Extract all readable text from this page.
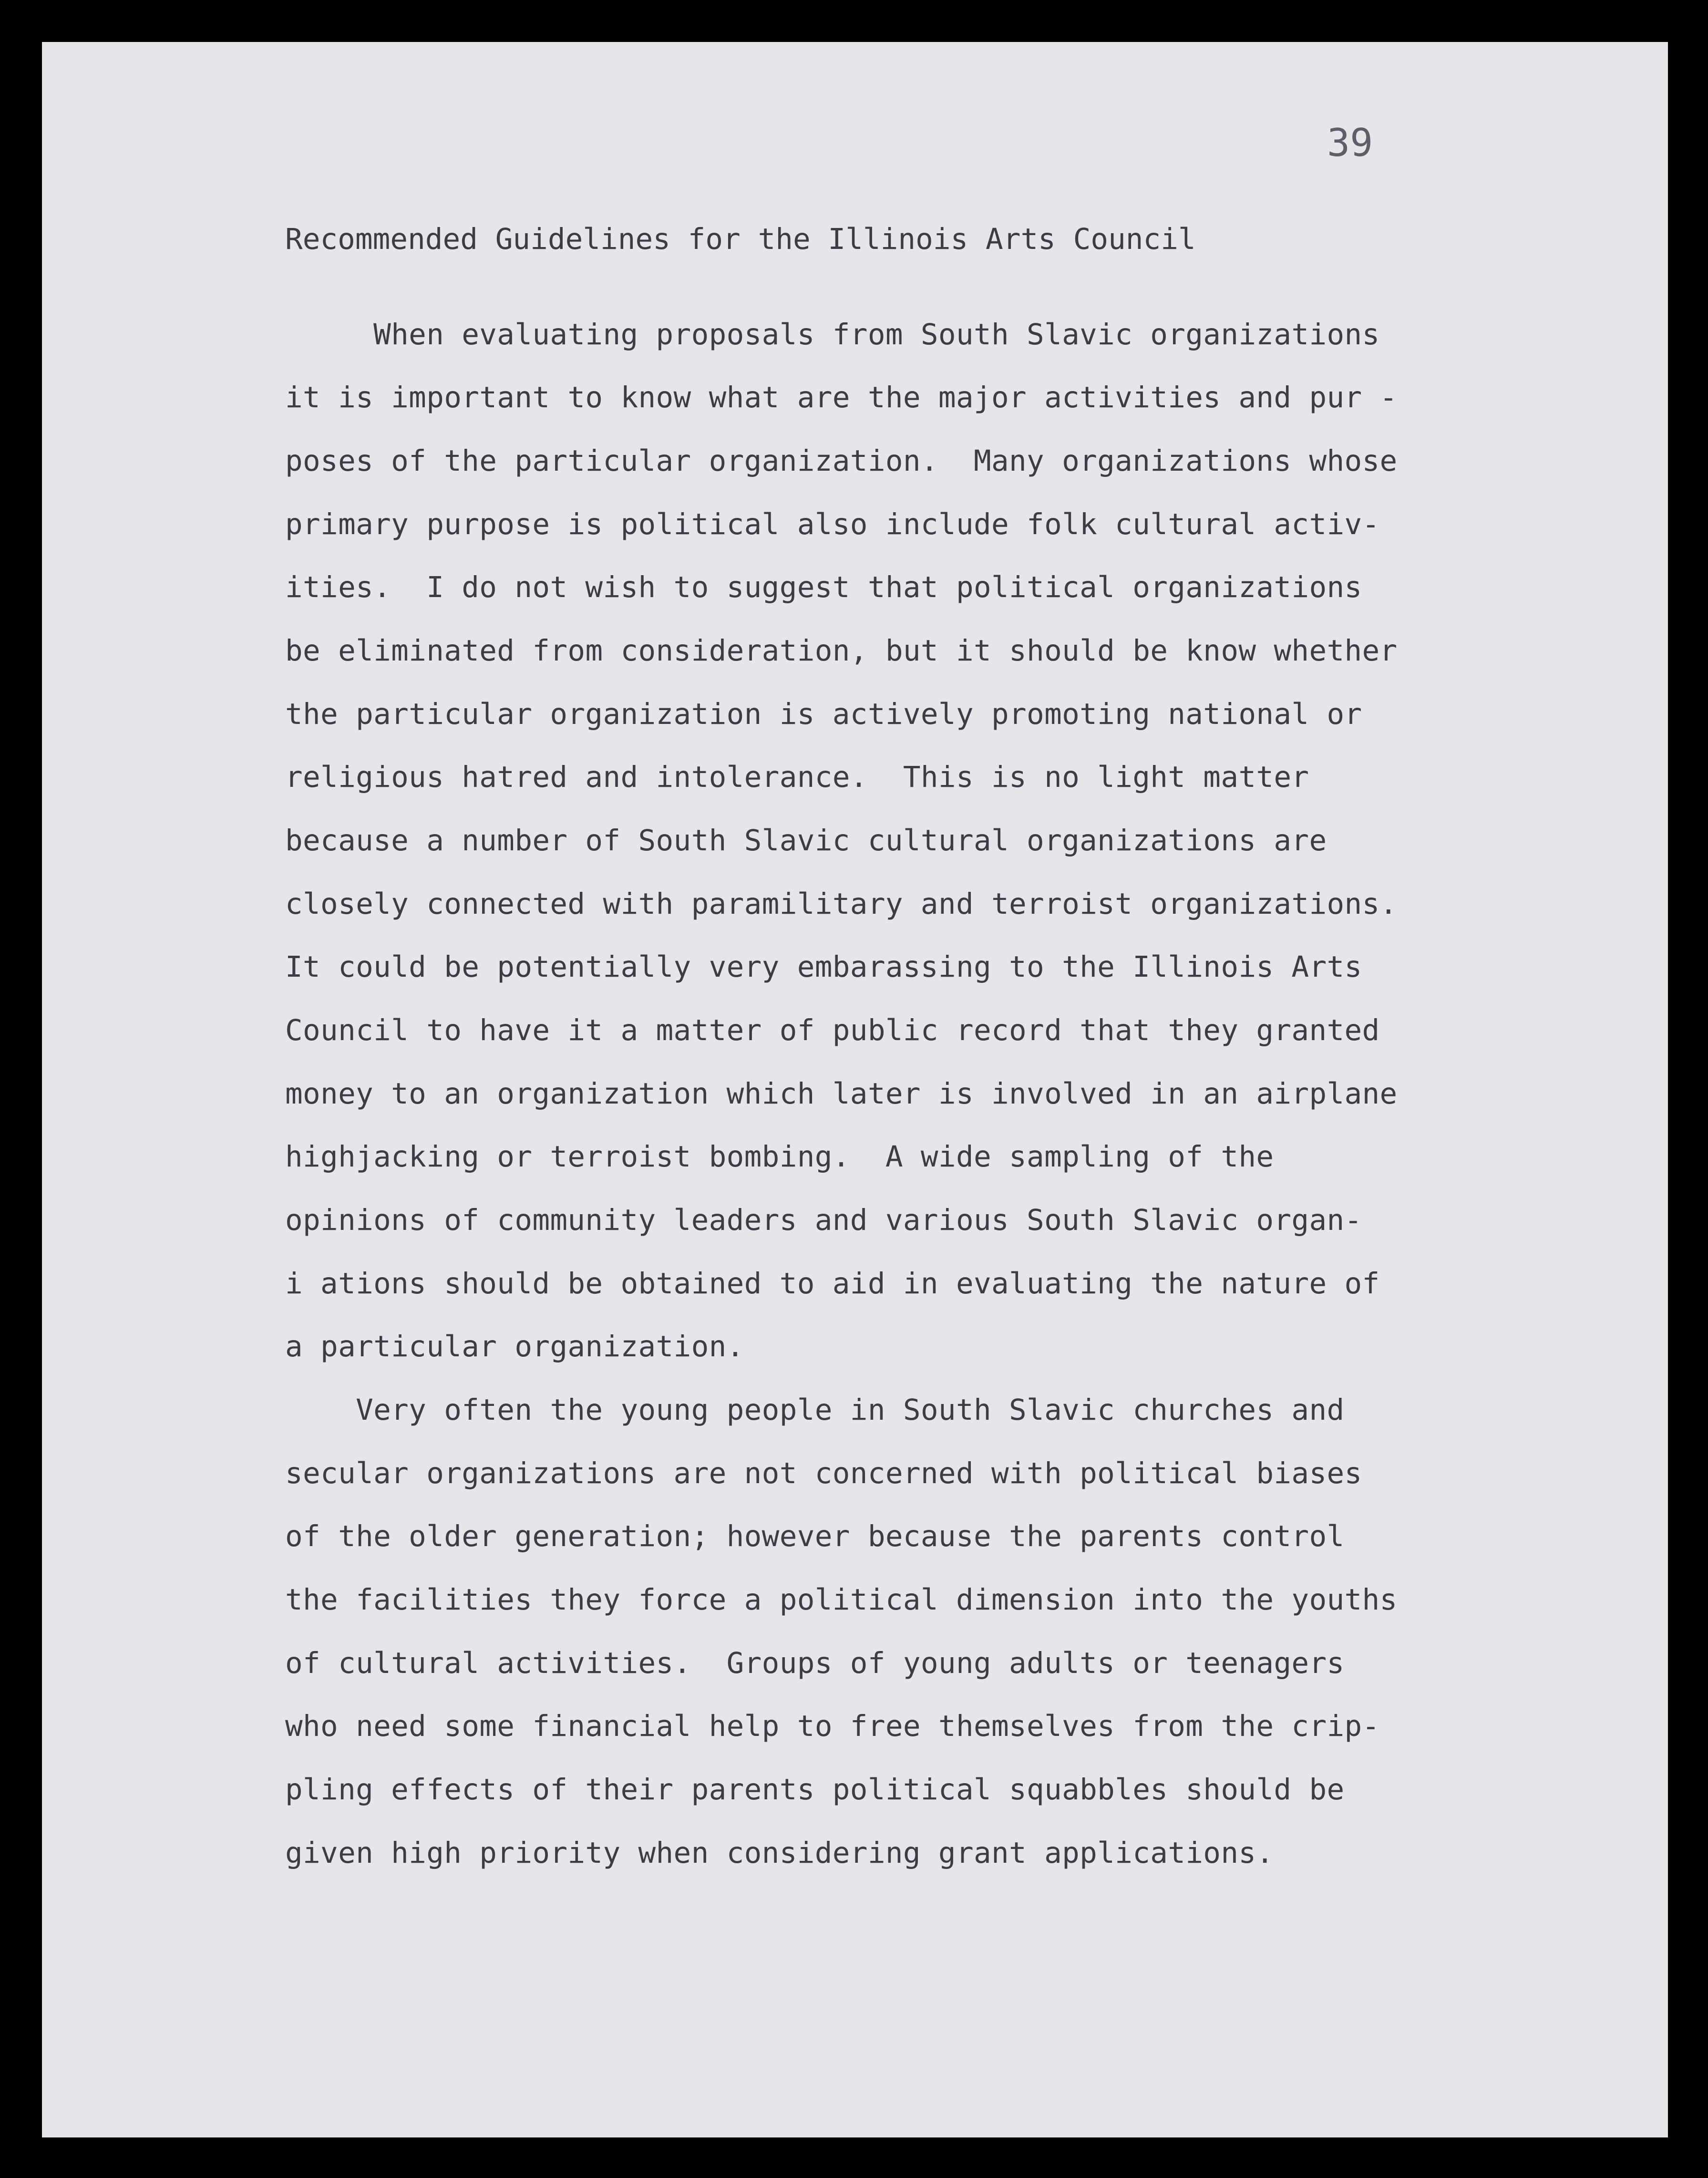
39
Recommended Guidelines for the Illinois Arts Council
When evaluating proposals from South Slavic organizations
it is important to know what are the major activities and pur -
poses of the particular organization.  Many organizations whose
primary purpose is political also include folk cultural activ-
ities.  I do not wish to suggest that political organizations
be eliminated from consideration, but it should be know whether
the particular organization is actively promoting national or
religious hatred and intolerance.  This is no light matter
because a number of South Slavic cultural organizations are
closely connected with paramilitary and terroist organizations.
It could be potentially very embarassing to the Illinois Arts
Council to have it a matter of public record that they granted
money to an organization which later is involved in an airplane
highjacking or terroist bombing.  A wide sampling of the
opinions of community leaders and various South Slavic organ-
i ations should be obtained to aid in evaluating the nature of
a particular organization.
Very often the young people in South Slavic churches and
secular organizations are not concerned with political biases
of the older generation; however because the parents control
the facilities they force a political dimension into the youths
of cultural activities.  Groups of young adults or teenagers
who need some financial help to free themselves from the crip-
pling effects of their parents political squabbles should be
given high priority when considering grant applications.
